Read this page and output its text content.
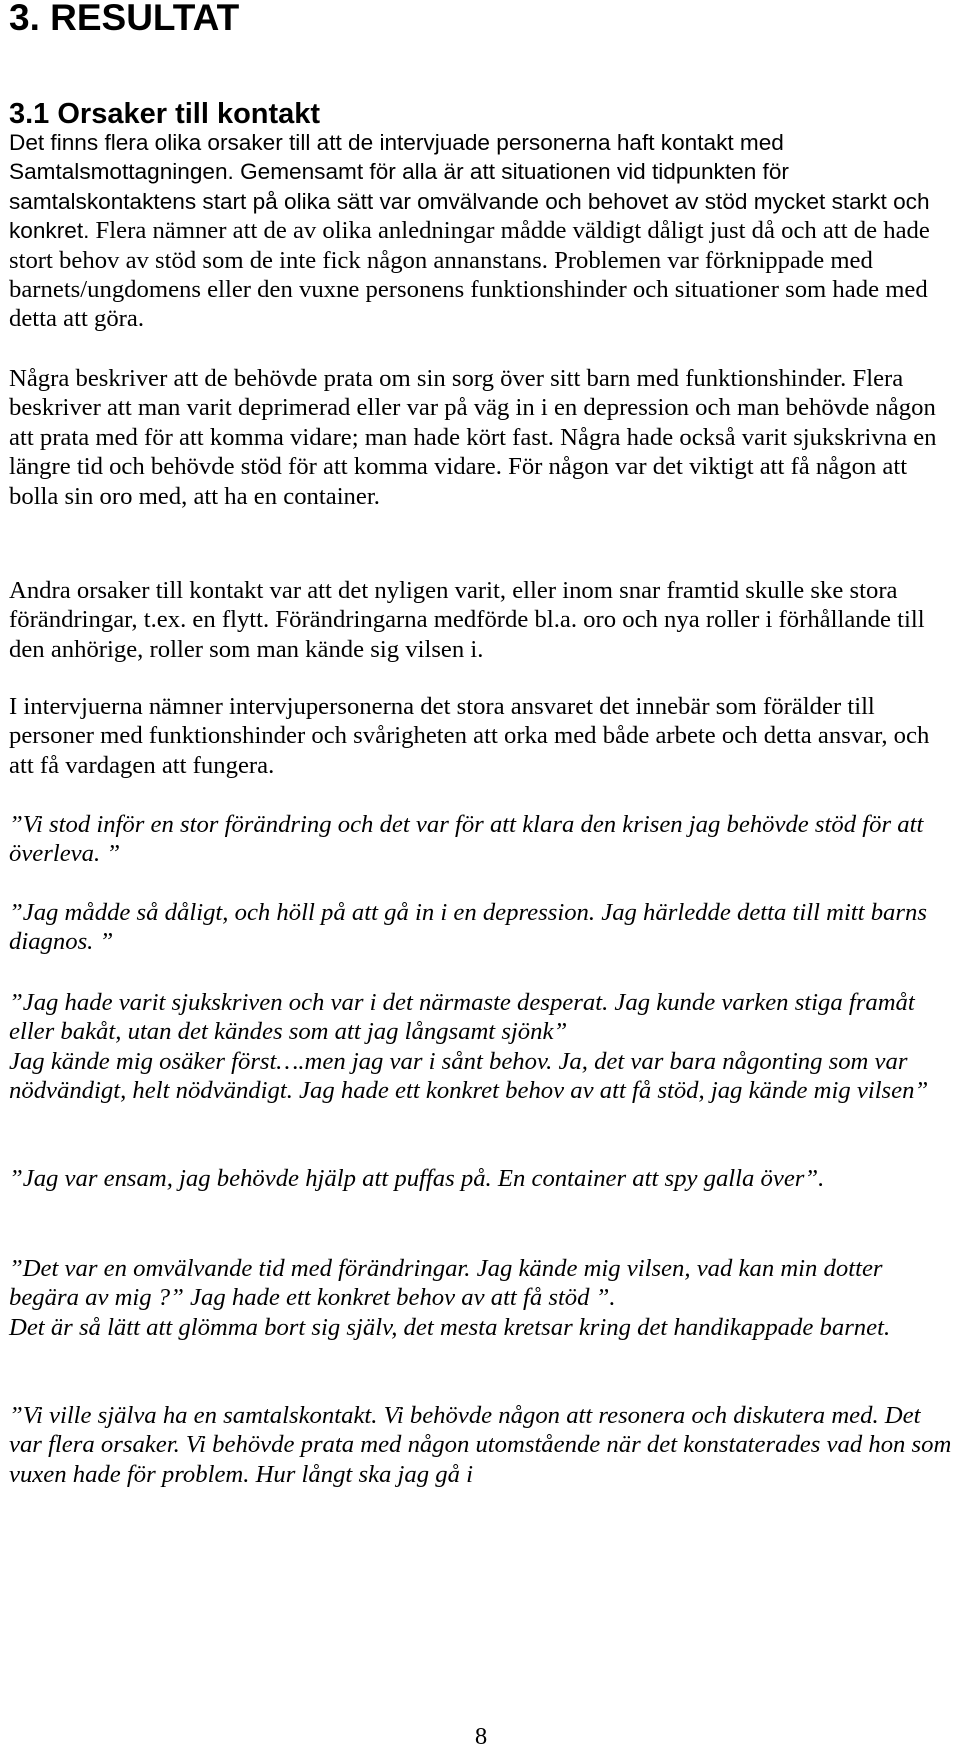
3. RESULTAT
3.1 Orsaker till kontakt

Det finns flera olika orsaker till att de intervjuade personerna haft kontakt med Samtalsmottagningen. Gemensamt för alla är att situationen vid tidpunkten för samtalskontaktens start på olika sätt var omvälvande och behovet av stöd mycket starkt och konkret. Flera nämner att de av olika anledningar mådde väldigt dåligt just då och att de hade stort behov av stöd som de inte fick någon annanstans. Problemen var förknippade med barnets/ungdomens eller den vuxne personens funktionshinder och situationer som hade med detta att göra.

Några beskriver att de behövde prata om sin sorg över sitt barn med funktionshinder. Flera beskriver att man varit deprimerad eller var på väg in i en depression och man behövde någon att prata med för att komma vidare; man hade kört fast. Några hade också varit sjukskrivna en längre tid och behövde stöd för att komma vidare. För någon var det viktigt att få någon att bolla sin oro med, att ha en container.

Andra orsaker till kontakt var att det nyligen varit, eller inom snar framtid skulle ske stora förändringar, t.ex. en flytt. Förändringarna medförde bl.a. oro och nya roller i förhållande till den anhörige, roller som man kände sig vilsen i.

I intervjuerna nämner intervjupersonerna det stora ansvaret det innebär som förälder till personer med funktionshinder och svårigheten att orka med både arbete och detta ansvar, och att få vardagen att fungera.

”Vi stod inför en stor förändring och det var för att klara den krisen jag behövde stöd för att överleva. ”

”Jag mådde så dåligt, och höll på att gå in i en depression. Jag härledde detta till mitt barns diagnos. ”

”Jag hade varit sjukskriven och var i det närmaste desperat. Jag kunde varken stiga framåt eller bakåt, utan det kändes som att jag långsamt sjönk”

Jag kände mig osäker först….men jag var i sånt behov. Ja, det var bara någonting som var nödvändigt, helt nödvändigt. Jag hade ett konkret behov av att få stöd, jag kände mig vilsen”

”Jag var ensam, jag behövde hjälp att puffas på. En container att spy galla över”.

”Det var en omvälvande tid med förändringar. Jag kände mig vilsen, vad kan min dotter begära av mig ?” Jag hade ett konkret behov av att få stöd ”.

Det är så lätt att glömma bort sig själv, det mesta kretsar kring det handikappade barnet.

”Vi ville själva ha en samtalskontakt. Vi behövde någon att resonera och diskutera med. Det var flera orsaker. Vi behövde prata med någon utomstående när det konstaterades vad hon som vuxen hade för problem. Hur långt ska jag gå i

8
